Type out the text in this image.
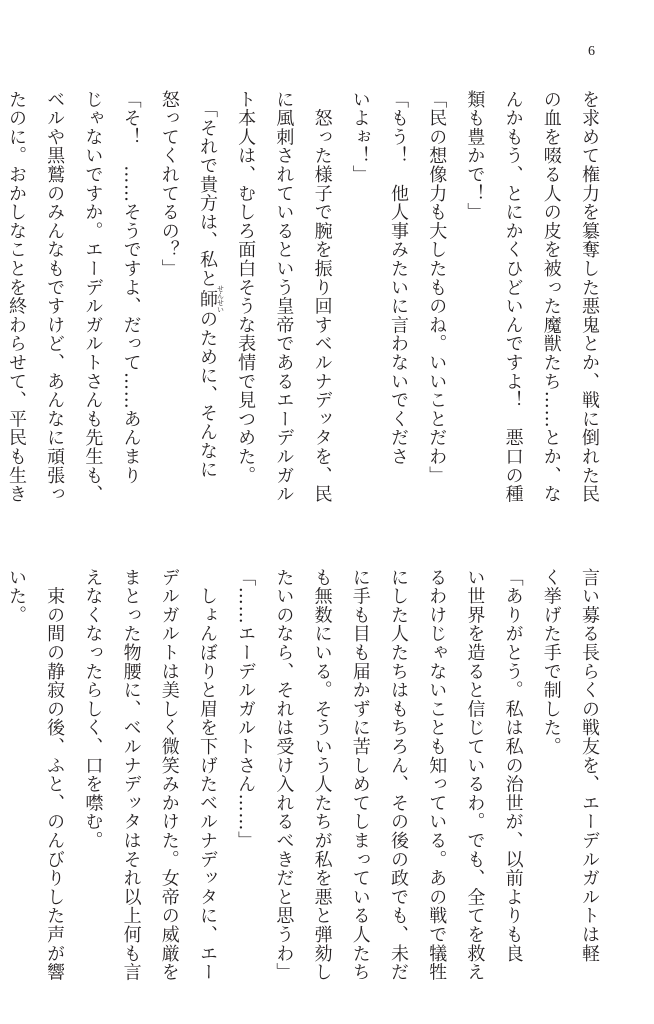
6
を求めて権力を簒奪した悪鬼とか、戦に倒れた民
の血を啜る人の皮を被った魔獣たち……とか、な
んかもう、とにかくひどいんですよ！　悪口の種
類も豊かで！」
「民の想像力も大したものね。いいことだわ」
「もう！　他人事みたいに言わないでくださ
いよぉ！」
　怒った様子で腕を振り回すベルナデッタを、民
に風刺されているという皇帝であるエーデルガル
ト本人は、むしろ面白そうな表情で見つめた。
　「それで貴方は、私と師せんせいのために、そんなに
怒ってくれてるの？」
「そ！　……そうですよ、だって……あんまり
じゃないですか。エーデルガルトさんも先生も、
ベルや黒鷲のみんなもですけど、あんなに頑張っ
たのに。おかしなことを終わらせて、平民も生き
言い募る長らくの戦友を、エーデルガルトは軽
く挙げた手で制した。
「ありがとう。私は私の治世が、以前よりも良
い世界を造ると信じているわ。でも、全てを救え
るわけじゃないことも知っている。あの戦で犠牲
にした人たちはもちろん、その後の政でも、未だ
に手も目も届かずに苦しめてしまっている人たち
も無数にいる。そういう人たちが私を悪と弾劾し
たいのなら、それは受け入れるべきだと思うわ」
「……エーデルガルトさん……」
　しょんぼりと眉を下げたベルナデッタに、エー
デルガルトは美しく微笑みかけた。女帝の威厳を
まとった物腰に、ベルナデッタはそれ以上何も言
えなくなったらしく、口を噤む。
　束の間の静寂の後、ふと、のんびりした声が響
いた。
